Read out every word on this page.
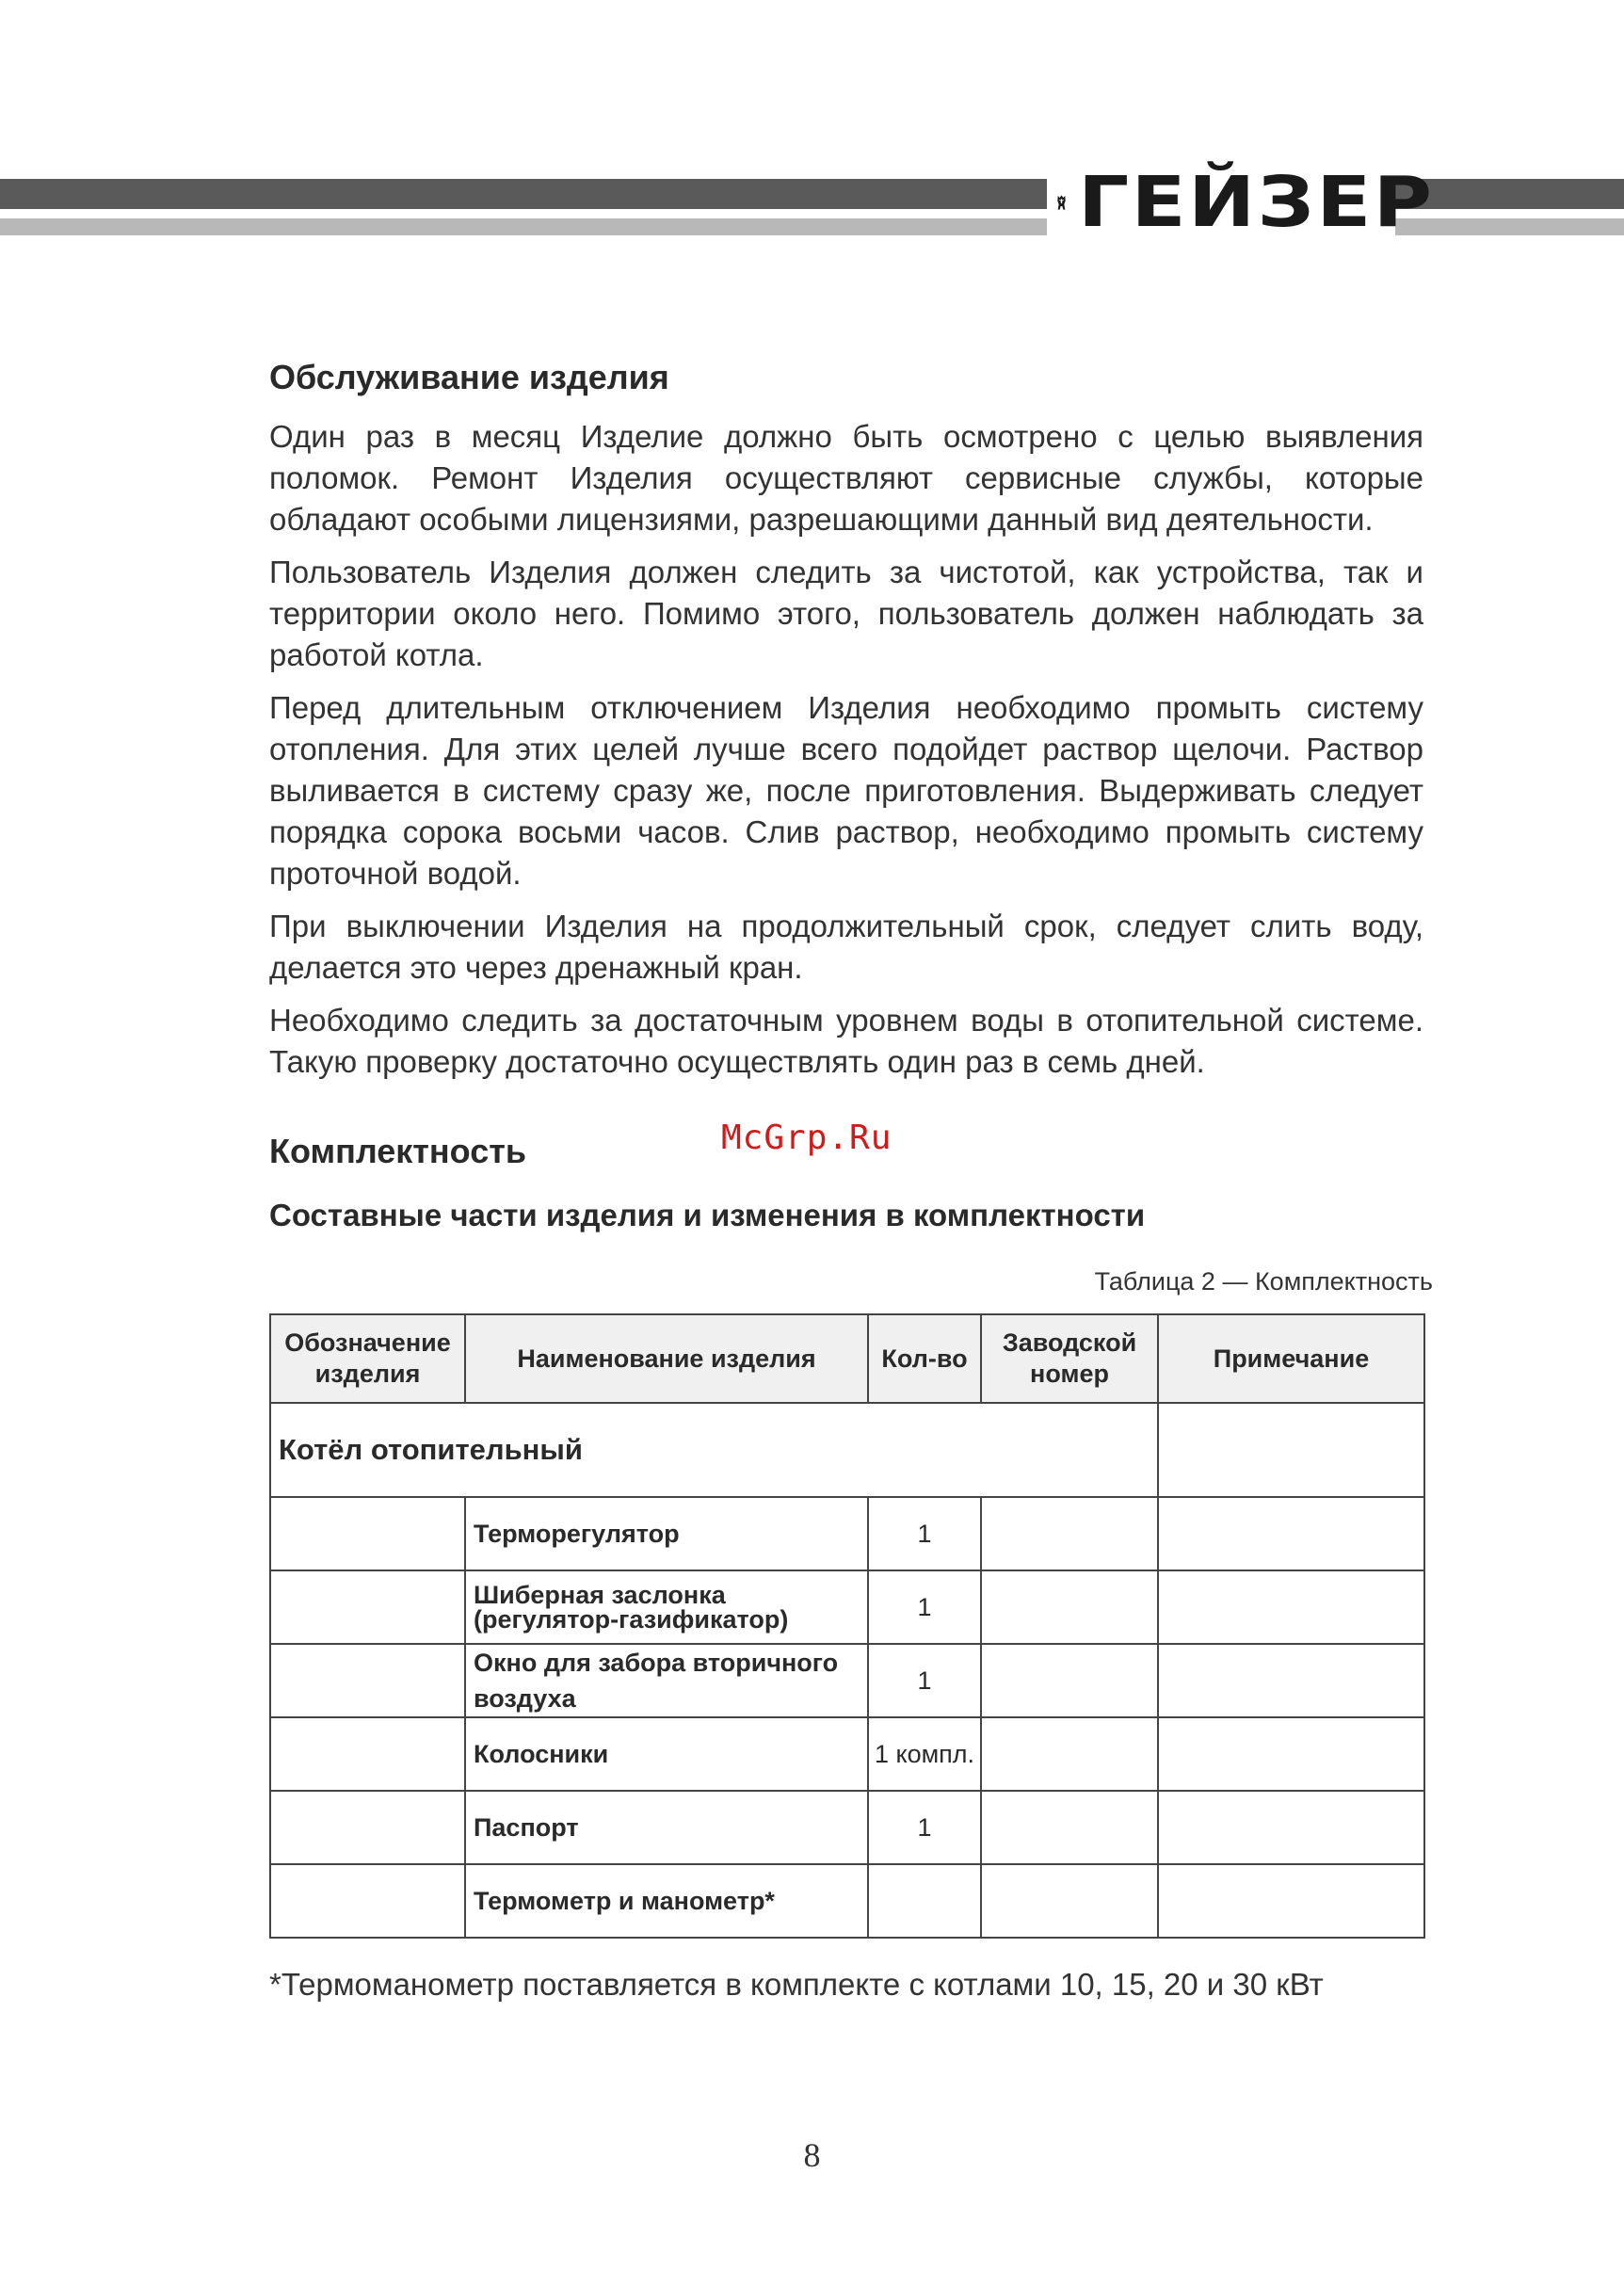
ГЕЙЗЕР
Обслуживание изделия

Один раз в месяц Изделие должно быть осмотрено с целью выявления поломок. Ремонт Изделия осуществляют сервисные службы, которые обладают особыми лицензиями, разрешающими данный вид деятельности.

Пользователь Изделия должен следить за чистотой, как устройства, так и территории около него. Помимо этого, пользователь должен наблюдать за работой котла.

Перед длительным отключением Изделия необходимо промыть систему отопления. Для этих целей лучше всего подойдет раствор щелочи. Раствор выливается в систему сразу же, после приготовления. Выдерживать следует порядка сорока восьми часов. Слив раствор, необходимо промыть систему проточной водой.

При выключении Изделия на продолжительный срок, следует слить воду, делается это через дренажный кран.

Необходимо следить за достаточным уровнем воды в отопительной системе. Такую проверку достаточно осуществлять один раз в семь дней.

Комплектность
Составные части изделия и изменения в комплектности
Таблица 2 — Комплектность
Обозначение изделия	Наименование изделия	Кол-во	Заводской номер	Примечание
Котёл отопительный				
	Терморегулятор	1		
	Шиберная заслонка (регулятор-газификатор)	1		
	Окно для забора вторичного воздуха	1		
	Колосники	1 компл.		
	Паспорт	1		
	Термометр и манометр*			
*Термоманометр поставляется в комплекте с котлами 10, 15, 20 и 30 кВт
McGrp.Ru
8
